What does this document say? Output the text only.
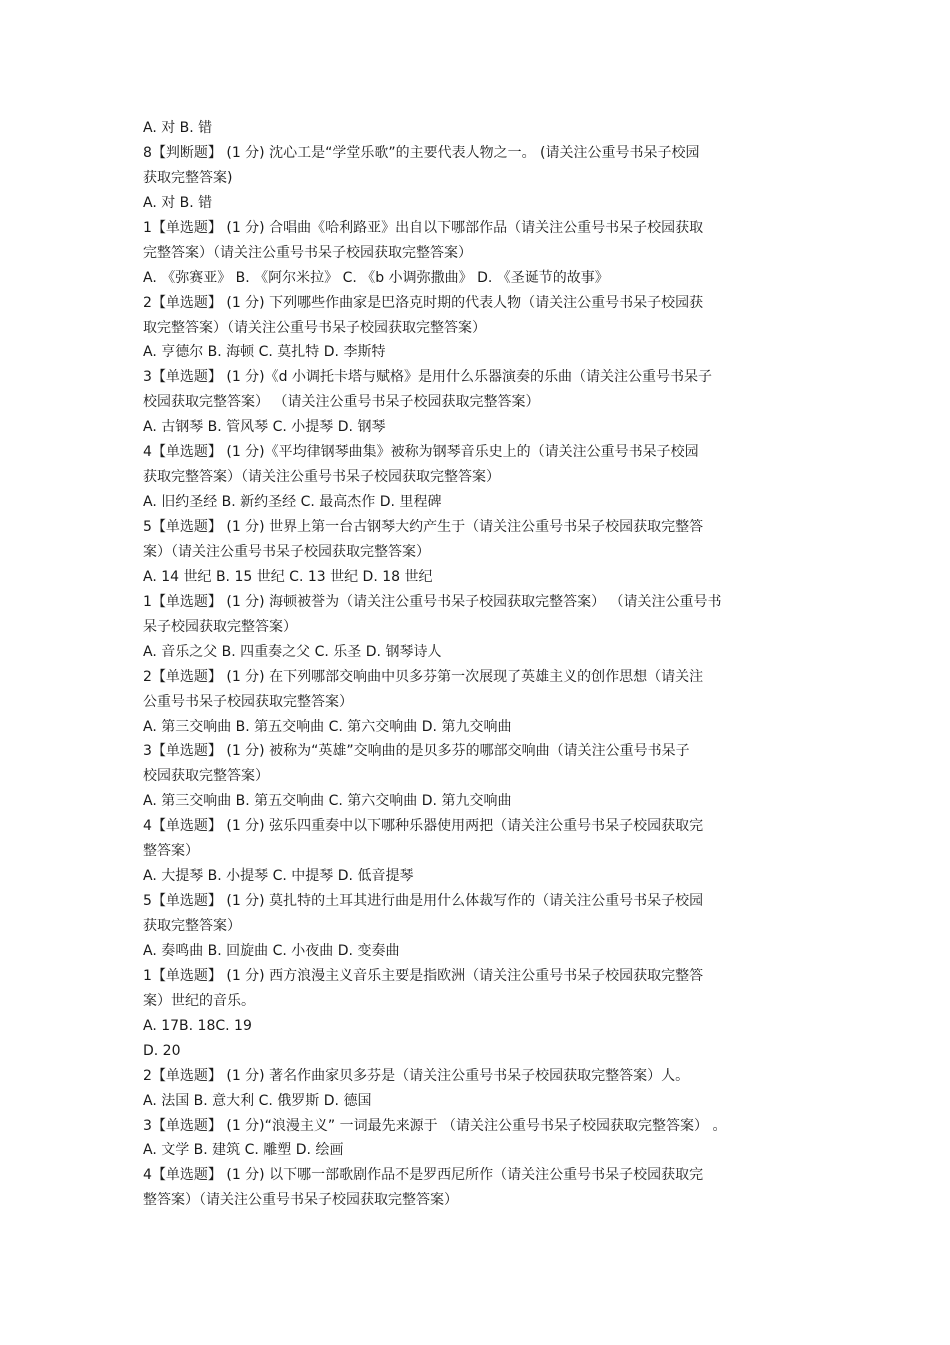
A. 对 B. 错
8【判断题】 (1 分) 沈心工是“学堂乐歌”的主要代表人物之一。 (请关注公重号书呆子校园
获取完整答案)
A. 对 B. 错
1【单选题】 (1 分) 合唱曲《哈利路亚》出自以下哪部作品（请关注公重号书呆子校园获取
完整答案）（请关注公重号书呆子校园获取完整答案）
A. 《弥赛亚》 B. 《阿尔米拉》 C. 《b 小调弥撒曲》 D. 《圣诞节的故事》
2【单选题】 (1 分) 下列哪些作曲家是巴洛克时期的代表人物（请关注公重号书呆子校园获
取完整答案）（请关注公重号书呆子校园获取完整答案）
A. 亨德尔 B. 海顿 C. 莫扎特 D. 李斯特
3【单选题】 (1 分)《d 小调托卡塔与赋格》是用什么乐器演奏的乐曲（请关注公重号书呆子
校园获取完整答案） （请关注公重号书呆子校园获取完整答案）
A. 古钢琴 B. 管风琴 C. 小提琴 D. 钢琴
4【单选题】 (1 分)《平均律钢琴曲集》被称为钢琴音乐史上的（请关注公重号书呆子校园
获取完整答案）（请关注公重号书呆子校园获取完整答案）
A. 旧约圣经 B. 新约圣经 C. 最高杰作 D. 里程碑
5【单选题】 (1 分) 世界上第一台古钢琴大约产生于（请关注公重号书呆子校园获取完整答
案）（请关注公重号书呆子校园获取完整答案）
A. 14 世纪 B. 15 世纪 C. 13 世纪 D. 18 世纪
1【单选题】 (1 分) 海顿被誉为（请关注公重号书呆子校园获取完整答案） （请关注公重号书
呆子校园获取完整答案）
A. 音乐之父 B. 四重奏之父 C. 乐圣 D. 钢琴诗人
2【单选题】 (1 分) 在下列哪部交响曲中贝多芬第一次展现了英雄主义的创作思想（请关注
公重号书呆子校园获取完整答案）
A. 第三交响曲 B. 第五交响曲 C. 第六交响曲 D. 第九交响曲
3【单选题】 (1 分) 被称为“英雄”交响曲的是贝多芬的哪部交响曲（请关注公重号书呆子
校园获取完整答案）
A. 第三交响曲 B. 第五交响曲 C. 第六交响曲 D. 第九交响曲
4【单选题】 (1 分) 弦乐四重奏中以下哪种乐器使用两把（请关注公重号书呆子校园获取完
整答案）
A. 大提琴 B. 小提琴 C. 中提琴 D. 低音提琴
5【单选题】 (1 分) 莫扎特的土耳其进行曲是用什么体裁写作的（请关注公重号书呆子校园
获取完整答案）
A. 奏鸣曲 B. 回旋曲 C. 小夜曲 D. 变奏曲
1【单选题】 (1 分) 西方浪漫主义音乐主要是指欧洲（请关注公重号书呆子校园获取完整答
案）世纪的音乐。
A. 17B. 18C. 19
D. 20
2【单选题】 (1 分) 著名作曲家贝多芬是（请关注公重号书呆子校园获取完整答案）人。
A. 法国 B. 意大利 C. 俄罗斯 D. 德国
3【单选题】 (1 分)“浪漫主义” 一词最先来源于 （请关注公重号书呆子校园获取完整答案） 。
A. 文学 B. 建筑 C. 雕塑 D. 绘画
4【单选题】 (1 分) 以下哪一部歌剧作品不是罗西尼所作（请关注公重号书呆子校园获取完
整答案）（请关注公重号书呆子校园获取完整答案）
